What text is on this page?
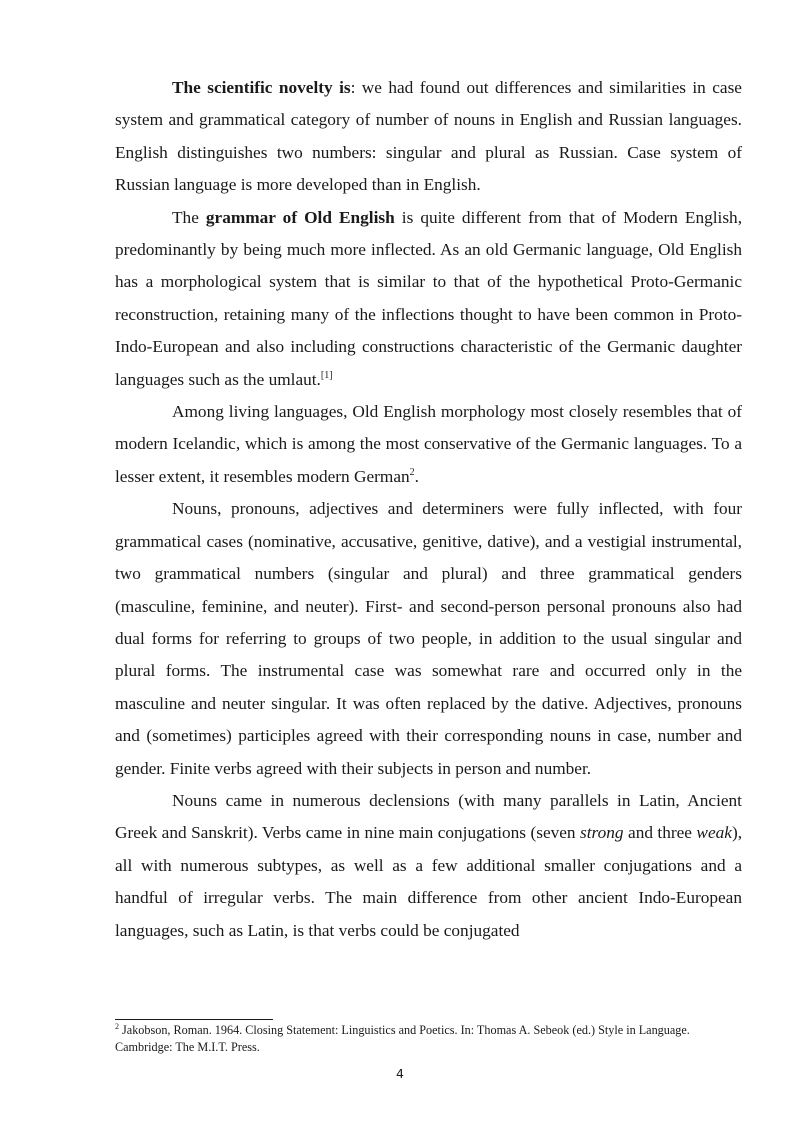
The scientific novelty is: we had found out differences and similarities in case system and grammatical category of number of nouns in English and Russian languages. English distinguishes two numbers: singular and plural as Russian. Case system of Russian language is more developed than in English.

The grammar of Old English is quite different from that of Modern English, predominantly by being much more inflected. As an old Germanic language, Old English has a morphological system that is similar to that of the hypothetical Proto-Germanic reconstruction, retaining many of the inflections thought to have been common in Proto-Indo-European and also including constructions characteristic of the Germanic daughter languages such as the umlaut.[1]

Among living languages, Old English morphology most closely resembles that of modern Icelandic, which is among the most conservative of the Germanic languages. To a lesser extent, it resembles modern German$^2$.

Nouns, pronouns, adjectives and determiners were fully inflected, with four grammatical cases (nominative, accusative, genitive, dative), and a vestigial instrumental, two grammatical numbers (singular and plural) and three grammatical genders (masculine, feminine, and neuter). First- and second-person personal pronouns also had dual forms for referring to groups of two people, in addition to the usual singular and plural forms. The instrumental case was somewhat rare and occurred only in the masculine and neuter singular. It was often replaced by the dative. Adjectives, pronouns and (sometimes) participles agreed with their corresponding nouns in case, number and gender. Finite verbs agreed with their subjects in person and number.

Nouns came in numerous declensions (with many parallels in Latin, Ancient Greek and Sanskrit). Verbs came in nine main conjugations (seven strong and three weak), all with numerous subtypes, as well as a few additional smaller conjugations and a handful of irregular verbs. The main difference from other ancient Indo-European languages, such as Latin, is that verbs could be conjugated

$^2$ Jakobson, Roman. 1964. Closing Statement: Linguistics and Poetics. In: Thomas A. Sebeok (ed.) Style in Language. Cambridge: The M.I.T. Press.
4
